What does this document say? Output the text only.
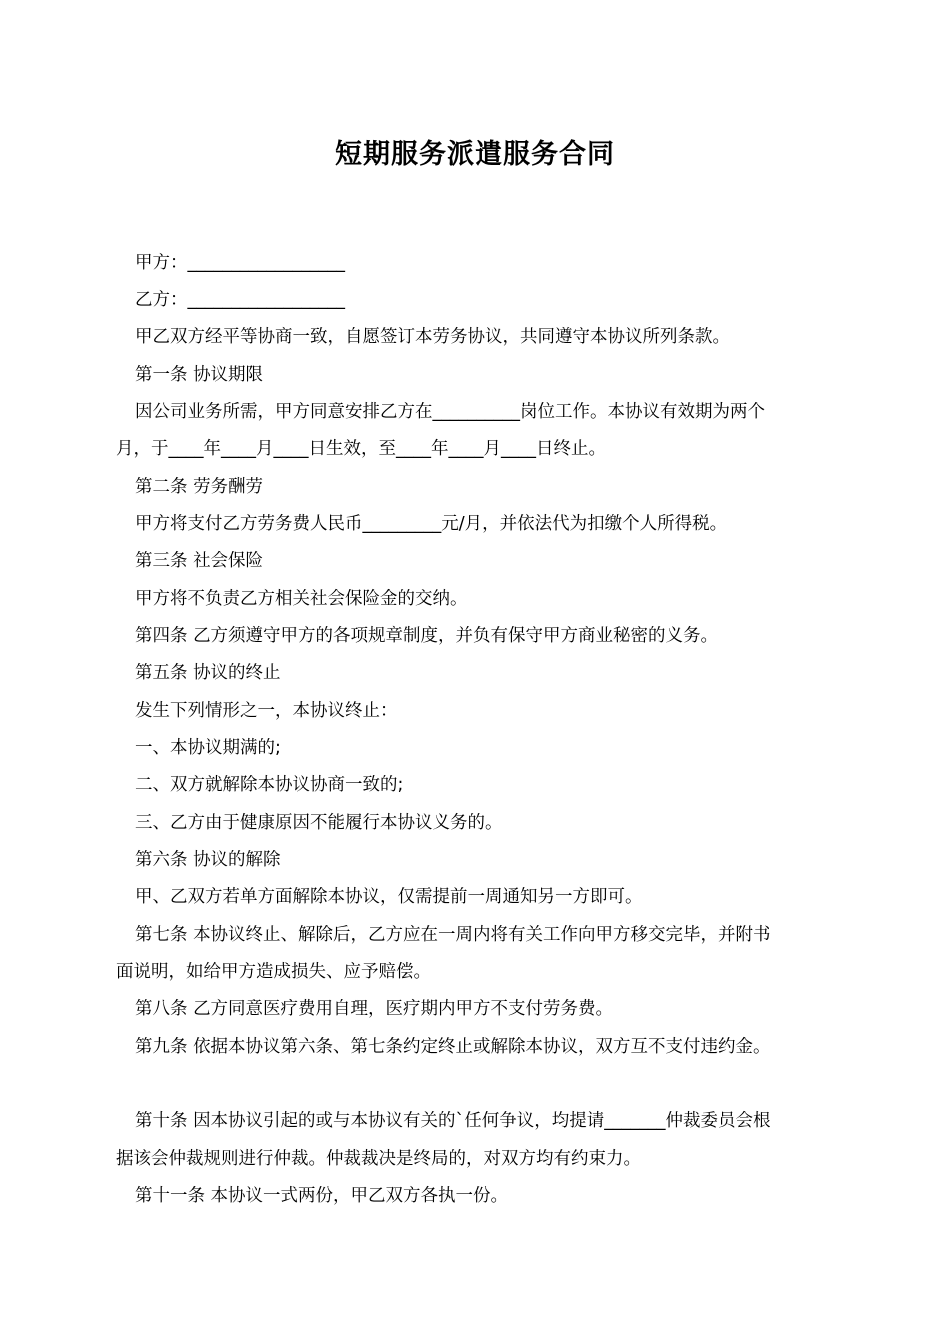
短期服务派遣服务合同
甲方：__________________
乙方：__________________
甲乙双方经平等协商一致，自愿签订本劳务协议，共同遵守本协议所列条款。
第一条 协议期限
因公司业务所需，甲方同意安排乙方在__________岗位工作。本协议有效期为两个
月，于____年____月____日生效，至____年____月____日终止。
第二条 劳务酬劳
甲方将支付乙方劳务费人民币_________元/月，并依法代为扣缴个人所得税。
第三条 社会保险
甲方将不负责乙方相关社会保险金的交纳。
第四条 乙方须遵守甲方的各项规章制度，并负有保守甲方商业秘密的义务。
第五条 协议的终止
发生下列情形之一，本协议终止：
一、本协议期满的;
二、双方就解除本协议协商一致的;
三、乙方由于健康原因不能履行本协议义务的。
第六条 协议的解除
甲、乙双方若单方面解除本协议，仅需提前一周通知另一方即可。
第七条 本协议终止、解除后，乙方应在一周内将有关工作向甲方移交完毕，并附书
面说明，如给甲方造成损失、应予赔偿。
第八条 乙方同意医疗费用自理，医疗期内甲方不支付劳务费。
第九条 依据本协议第六条、第七条约定终止或解除本协议，双方互不支付违约金。
第十条 因本协议引起的或与本协议有关的`任何争议，均提请_______仲裁委员会根
据该会仲裁规则进行仲裁。仲裁裁决是终局的，对双方均有约束力。
第十一条 本协议一式两份，甲乙双方各执一份。
